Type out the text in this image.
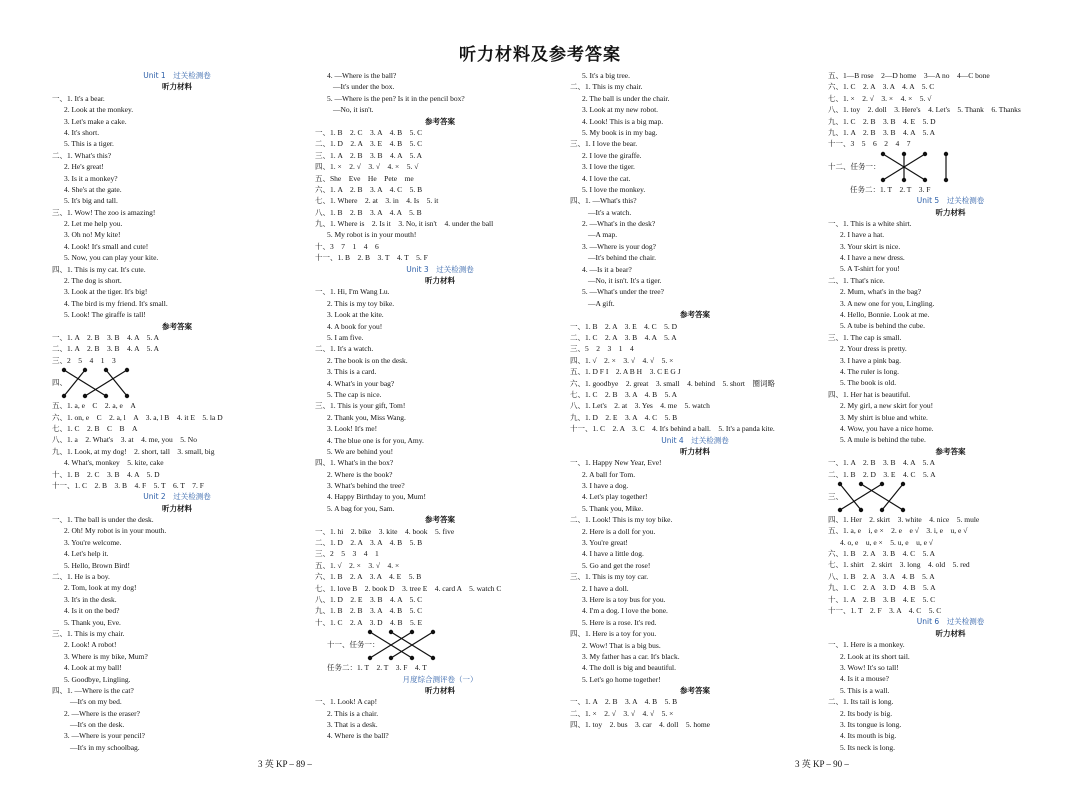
听力材料及参考答案
Unit 1　过关检测卷
听力材料
一、1. It's a bear.
2. Look at the monkey.
3. Let's make a cake.
4. It's short.
5. This is a tiger.
二、1. What's this?
2. He's great!
3. Is it a monkey?
4. She's at the gate.
5. It's big and tall.
三、1. Wow! The zoo is amazing!
2. Let me help you.
3. Oh no! My kite!
4. Look! It's small and cute!
5. Now, you can play your kite.
四、1. This is my cat. It's cute.
2. The dog is short.
3. Look at the tiger. It's big!
4. The bird is my friend. It's small.
5. Look! The giraffe is tall!
参考答案
一、1. A　2. B　3. B　4. A　5. A
二、1. A　2. B　3. B　4. A　5. A
三、2　5　4　1　3
四、
五、1. a, e　C　2. a, e　A
六、1. on, e　C　2. a, l　A　3. a, l B　4. it E　5. la D
七、1. C　2. B　C　B　A
八、1. a　2. What's　3. at　4. me, you　5. No
九、1. Look, at my dog!　2. short, tall　3. small, big
4. What's, monkey　5. kite, cake
十、1. B　2. C　3. B　4. A　5. D
十一、1. C　2. B　3. B　4. F　5. T　6. T　7. F
Unit 2　过关检测卷
听力材料
一、1. The ball is under the desk.
2. Oh! My robot is in your mouth.
3. You're welcome.
4. Let's help it.
5. Hello, Brown Bird!
二、1. He is a boy.
2. Tom, look at my dog!
3. It's in the desk.
4. Is it on the bed?
5. Thank you, Eve.
三、1. This is my chair.
2. Look! A robot!
3. Where is my bike, Mum?
4. Look at my ball!
5. Goodbye, Lingling.
四、1. —Where is the cat?
—It's on my bed.
2. —Where is the eraser?
—It's on the desk.
3. —Where is your pencil?
—It's in my schoolbag.
4. —Where is the ball?
—It's under the box.
5. —Where is the pen? Is it in the pencil box?
—No, it isn't.
参考答案
一、1. B　2. C　3. A　4. B　5. C
二、1. D　2. A　3. E　4. B　5. C
三、1. A　2. B　3. B　4. A　5. A
四、1. ×　2. √　3. √　4. ×　5. √
五、She　Eve　He　Pete　me
六、1. A　2. B　3. A　4. C　5. B
七、1. Where　2. at　3. in　4. Is　5. it
八、1. B　2. B　3. A　4. A　5. B
九、1. Where is　2. Is it　3. No, it isn't　4. under the ball
5. My robot is in your mouth!
十、3　7　1　4　6
十一、1. B　2. B　3. T　4. T　5. F
Unit 3　过关检测卷
听力材料
一、1. Hi, I'm Wang Lu.
2. This is my toy bike.
3. Look at the kite.
4. A book for you!
5. I am five.
二、1. It's a watch.
2. The book is on the desk.
3. This is a card.
4. What's in your bag?
5. The cap is nice.
三、1. This is your gift, Tom!
2. Thank you, Miss Wang.
3. Look! It's me!
4. The blue one is for you, Amy.
5. We are behind you!
四、1. What's in the box?
2. Where is the book?
3. What's behind the tree?
4. Happy Birthday to you, Mum!
5. A bag for you, Sam.
参考答案
一、1. hi　2. bike　3. kite　4. book　5. five
二、1. D　2. A　3. A　4. B　5. B
三、2　5　3　4　1
五、1. √　2. ×　3. √　4. ×
六、1. B　2. A　3. A　4. E　5. B
七、1. love B　2. book D　3. tree E　4. card A　5. watch C
八、1. D　2. E　3. B　4. A　5. C
九、1. B　2. B　3. A　4. B　5. C
十、1. C　2. A　3. D　4. B　5. E
十一、任务一：
任务二：1. T　2. T　3. F　4. T
月度综合测评卷（一）
听力材料
一、1. Look! A cap!
2. This is a chair.
3. That is a desk.
4. Where is the ball?
5. It's a big tree.
二、1. This is my chair.
2. The ball is under the chair.
3. Look at my new robot.
4. Look! This is a big map.
5. My book is in my bag.
三、1. I love the bear.
2. I love the giraffe.
3. I love the tiger.
4. I love the cat.
5. I love the monkey.
四、1. —What's this?
—It's a watch.
2. —What's in the desk?
—A map.
3. —Where is your dog?
—It's behind the chair.
4. —Is it a bear?
—No, it isn't. It's a tiger.
5. —What's under the tree?
—A gift.
参考答案
一、1. B　2. A　3. E　4. C　5. D
二、1. C　2. A　3. B　4. A　5. A
三、5　2　3　1　4
四、1. √　2. ×　3. √　4. √　5. ×
五、1. D F I　2. A B H　3. C E G J
六、1. goodbye　2. great　3. small　4. behind　5. short　圈词略
七、1. C　2. B　3. A　4. B　5. A
八、1. Let's　2. at　3. Yes　4. me　5. watch
九、1. D　2. E　3. A　4. C　5. B
十一、1. C　2. A　3. C　4. It's behind a ball.　5. It's a panda kite.
Unit 4　过关检测卷
听力材料
一、1. Happy New Year, Eve!
2. A ball for Tom.
3. I have a dog.
4. Let's play together!
5. Thank you, Mike.
二、1. Look! This is my toy bike.
2. Here is a doll for you.
3. You're great!
4. I have a little dog.
5. Go and get the rose!
三、1. This is my toy car.
2. I have a doll.
3. Here is a toy bus for you.
4. I'm a dog. I love the bone.
5. Here is a rose. It's red.
四、1. Here is a toy for you.
2. Wow! That is a big bus.
3. My father has a car. It's black.
4. The doll is big and beautiful.
5. Let's go home together!
参考答案
一、1. A　2. B　3. A　4. B　5. B
二、1. ×　2. √　3. √　4. √　5. ×
四、1. toy　2. bus　3. car　4. doll　5. home
五、1—B rose　2—D home　3—A no　4—C bone
六、1. C　2. A　3. A　4. A　5. C
七、1. ×　2. √　3. ×　4. ×　5. √
八、1. toy　2. doll　3. Here's　4. Let's　5. Thank　6. Thanks
九、1. C　2. B　3. B　4. E　5. D
九、1. A　2. B　3. B　4. A　5. A
十一、3　5　6　2　4　7
十二、任务一：
任务二：1. T　2. T　3. F
Unit 5　过关检测卷
听力材料
一、1. This is a white shirt.
2. I have a hat.
3. Your skirt is nice.
4. I have a new dress.
5. A T-shirt for you!
二、1. That's nice.
2. Mum, what's in the bag?
3. A new one for you, Lingling.
4. Hello, Bonnie. Look at me.
5. A tube is behind the cube.
三、1. The cap is small.
2. Your dress is pretty.
3. I have a pink bag.
4. The ruler is long.
5. The book is old.
四、1. Her hat is beautiful.
2. My girl, a new skirt for you!
3. My shirt is blue and white.
4. Wow, you have a nice home.
5. A mule is behind the tube.
参考答案
一、1. A　2. B　3. B　4. A　5. A
二、1. B　2. D　3. E　4. C　5. A
三、
四、1. Her　2. skirt　3. white　4. nice　5. mule
五、1. a, e　i, e ×　2. e　e √　3. i, e　u, e √
4. o, e　u, e ×　5. u, e　u, e √
六、1. B　2. A　3. B　4. C　5. A
七、1. shirt　2. skirt　3. long　4. old　5. red
八、1. B　2. A　3. A　4. B　5. A
九、1. C　2. A　3. D　4. B　5. A
十、1. A　2. B　3. B　4. E　5. C
十一、1. T　2. F　3. A　4. C　5. C
Unit 6　过关检测卷
听力材料
一、1. Here is a monkey.
2. Look at its short tail.
3. Wow! It's so tall!
4. Is it a mouse?
5. This is a wall.
二、1. Its tail is long.
2. Its body is big.
3. Its tongue is long.
4. Its mouth is big.
5. Its neck is long.
3 英 KP – 89 –	3 英 KP – 90 –
